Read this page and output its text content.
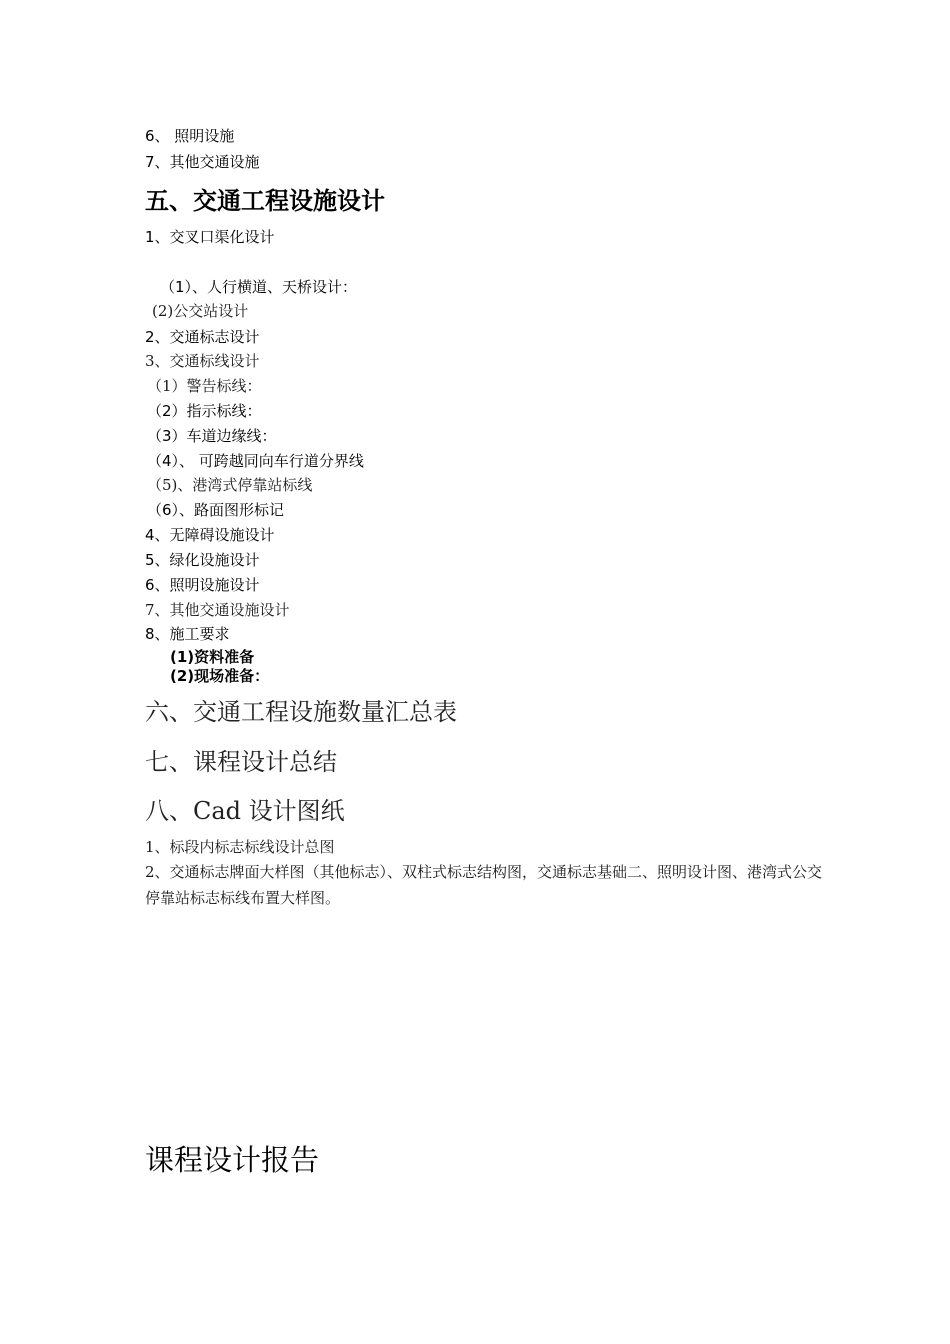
6、 照明设施
7、其他交通设施
五、交通工程设施设计
1、交叉口渠化设计
（1）、人行横道、天桥设计：
(2)公交站设计
2、交通标志设计
3、交通标线设计
（1）警告标线：
（2）指示标线：
（3）车道边缘线：
（4）、 可跨越同向车行道分界线
（5)、港湾式停靠站标线
（6）、路面图形标记
4、无障碍设施设计
5、绿化设施设计
6、照明设施设计
7、其他交通设施设计
8、施工要求
(1)资料准备
(2)现场准备：
六、交通工程设施数量汇总表
七、课程设计总结
八、Cad 设计图纸
1、标段内标志标线设计总图
2、交通标志牌面大样图（其他标志）、双柱式标志结构图，交通标志基础二、照明设计图、港湾式公交停靠站标志标线布置大样图。
课程设计报告
